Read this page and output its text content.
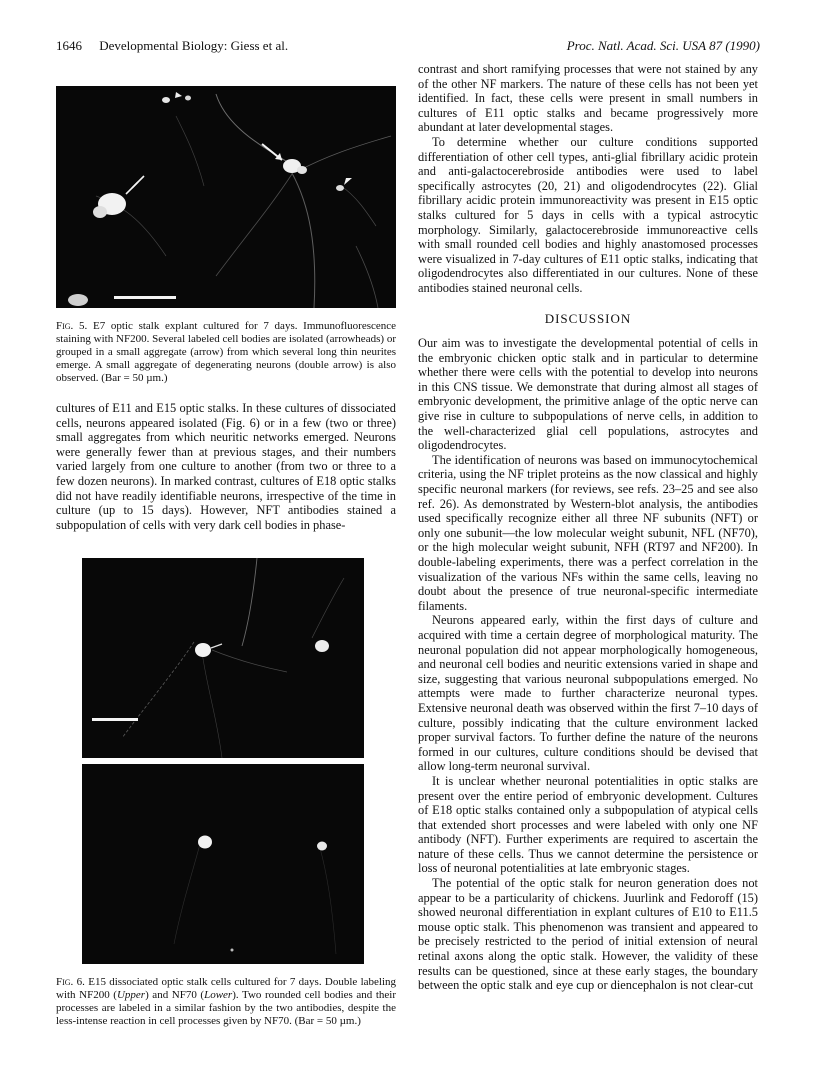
1646 Developmental Biology: Giess et al.	Proc. Natl. Acad. Sci. USA 87 (1990)

Fig. 5. E7 optic stalk explant cultured for 7 days. Immunofluorescence staining with NF200. Several labeled cell bodies are isolated (arrowheads) or grouped in a small aggregate (arrow) from which several long thin neurites emerge. A small aggregate of degenerating neurons (double arrow) is also observed. (Bar = 50 µm.)

cultures of E11 and E15 optic stalks. In these cultures of dissociated cells, neurons appeared isolated (Fig. 6) or in a few (two or three) small aggregates from which neuritic networks emerged. Neurons were generally fewer than at previous stages, and their numbers varied largely from one culture to another (from two or three to a few dozen neurons). In marked contrast, cultures of E18 optic stalks did not have readily identifiable neurons, irrespective of the time in culture (up to 15 days). However, NFT antibodies stained a subpopulation of cells with very dark cell bodies in phase-

Fig. 6. E15 dissociated optic stalk cells cultured for 7 days. Double labeling with NF200 (Upper) and NF70 (Lower). Two rounded cell bodies and their processes are labeled in a similar fashion by the two antibodies, despite the less-intense reaction in cell processes given by NF70. (Bar = 50 µm.)

contrast and short ramifying processes that were not stained by any of the other NF markers. The nature of these cells has not been yet identified. In fact, these cells were present in small numbers in cultures of E11 optic stalks and became progressively more abundant at later developmental stages.

To determine whether our culture conditions supported differentiation of other cell types, anti-glial fibrillary acidic protein and anti-galactocerebroside antibodies were used to label specifically astrocytes (20, 21) and oligodendrocytes (22). Glial fibrillary acidic protein immunoreactivity was present in E15 optic stalks cultured for 5 days in cells with a typical astrocytic morphology. Similarly, galactocerebroside immunoreactive cells with small rounded cell bodies and highly anastomosed processes were visualized in 7-day cultures of E11 optic stalks, indicating that oligodendrocytes also differentiated in our cultures. None of these antibodies stained neuronal cells.

DISCUSSION

Our aim was to investigate the developmental potential of cells in the embryonic chicken optic stalk and in particular to determine whether there were cells with the potential to develop into neurons in this CNS tissue. We demonstrate that during almost all stages of embryonic development, the primitive anlage of the optic nerve can give rise in culture to subpopulations of nerve cells, in addition to the well-characterized glial cell populations, astrocytes and oligodendrocytes.

The identification of neurons was based on immunocytochemical criteria, using the NF triplet proteins as the now classical and highly specific neuronal markers (for reviews, see refs. 23–25 and see also ref. 26). As demonstrated by Western-blot analysis, the antibodies used specifically recognize either all three NF subunits (NFT) or only one subunit—the low molecular weight subunit, NFL (NF70), or the high molecular weight subunit, NFH (RT97 and NF200). In double-labeling experiments, there was a perfect correlation in the visualization of the various NFs within the same cells, leaving no doubt about the presence of true neuronal-specific intermediate filaments.

Neurons appeared early, within the first days of culture and acquired with time a certain degree of morphological maturity. The neuronal population did not appear morphologically homogeneous, and neuronal cell bodies and neuritic extensions varied in shape and size, suggesting that various neuronal subpopulations emerged. No attempts were made to further characterize neuronal types. Extensive neuronal death was observed within the first 7–10 days of culture, possibly indicating that the culture environment lacked proper survival factors. To further define the nature of the neurons formed in our cultures, culture conditions should be devised that allow long-term neuronal survival.

It is unclear whether neuronal potentialities in optic stalks are present over the entire period of embryonic development. Cultures of E18 optic stalks contained only a subpopulation of atypical cells that extended short processes and were labeled with only one NF antibody (NFT). Further experiments are required to ascertain the nature of these cells. Thus we cannot determine the persistence or loss of neuronal potentialities at late embryonic stages.

The potential of the optic stalk for neuron generation does not appear to be a particularity of chickens. Juurlink and Fedoroff (15) showed neuronal differentiation in explant cultures of E10 to E11.5 mouse optic stalk. This phenomenon was transient and appeared to be precisely restricted to the period of initial extension of neural retinal axons along the optic stalk. However, the validity of these results can be questioned, since at these early stages, the boundary between the optic stalk and eye cup or diencephalon is not clear-cut
